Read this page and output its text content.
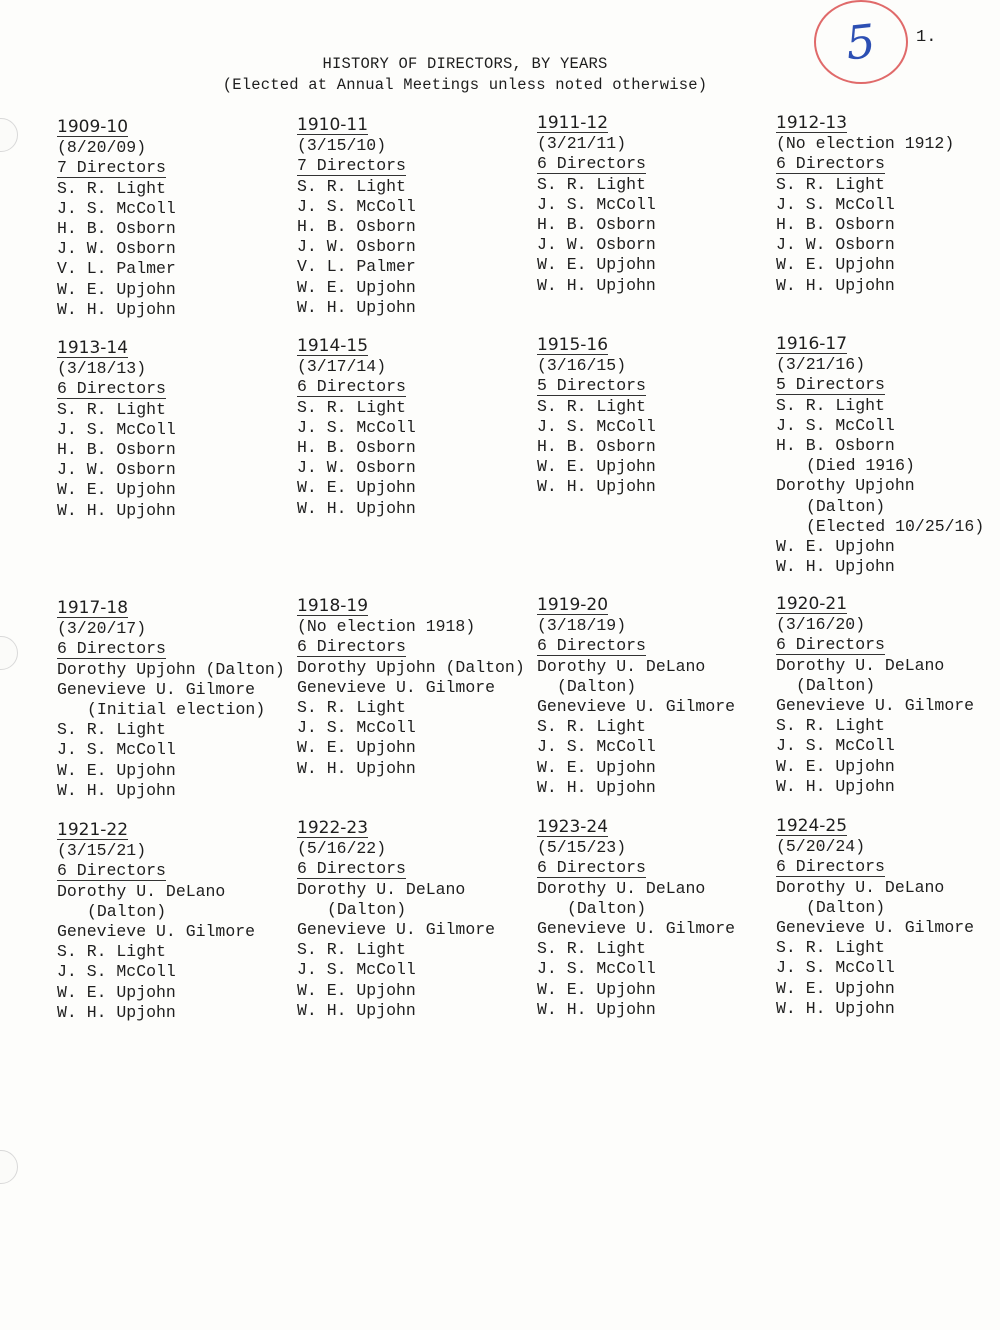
5 1.
HISTORY OF DIRECTORS, BY YEARS
(Elected at Annual Meetings unless noted otherwise)
1909-10
(8/20/09)
7 Directors
S. R. Light
J. S. McColl
H. B. Osborn
J. W. Osborn
V. L. Palmer
W. E. Upjohn
W. H. Upjohn
1910-11
(3/15/10)
7 Directors
S. R. Light
J. S. McColl
H. B. Osborn
J. W. Osborn
V. L. Palmer
W. E. Upjohn
W. H. Upjohn
1911-12
(3/21/11)
6 Directors
S. R. Light
J. S. McColl
H. B. Osborn
J. W. Osborn
W. E. Upjohn
W. H. Upjohn
1912-13
(No election 1912)
6 Directors
S. R. Light
J. S. McColl
H. B. Osborn
J. W. Osborn
W. E. Upjohn
W. H. Upjohn
1913-14
(3/18/13)
6 Directors
S. R. Light
J. S. McColl
H. B. Osborn
J. W. Osborn
W. E. Upjohn
W. H. Upjohn
1914-15
(3/17/14)
6 Directors
S. R. Light
J. S. McColl
H. B. Osborn
J. W. Osborn
W. E. Upjohn
W. H. Upjohn
1915-16
(3/16/15)
5 Directors
S. R. Light
J. S. McColl
H. B. Osborn
W. E. Upjohn
W. H. Upjohn
1916-17
(3/21/16)
5 Directors
S. R. Light
J. S. McColl
H. B. Osborn
(Died 1916)
Dorothy Upjohn
(Dalton)
(Elected 10/25/16)
W. E. Upjohn
W. H. Upjohn
1917-18
(3/20/17)
6 Directors
Dorothy Upjohn (Dalton)
Genevieve U. Gilmore
(Initial election)
S. R. Light
J. S. McColl
W. E. Upjohn
W. H. Upjohn
1918-19
(No election 1918)
6 Directors
Dorothy Upjohn (Dalton)
Genevieve U. Gilmore
S. R. Light
J. S. McColl
W. E. Upjohn
W. H. Upjohn
1919-20
(3/18/19)
6 Directors
Dorothy U. DeLano
(Dalton)
Genevieve U. Gilmore
S. R. Light
J. S. McColl
W. E. Upjohn
W. H. Upjohn
1920-21
(3/16/20)
6 Directors
Dorothy U. DeLano
(Dalton)
Genevieve U. Gilmore
S. R. Light
J. S. McColl
W. E. Upjohn
W. H. Upjohn
1921-22
(3/15/21)
6 Directors
Dorothy U. DeLano
(Dalton)
Genevieve U. Gilmore
S. R. Light
J. S. McColl
W. E. Upjohn
W. H. Upjohn
1922-23
(5/16/22)
6 Directors
Dorothy U. DeLano
(Dalton)
Genevieve U. Gilmore
S. R. Light
J. S. McColl
W. E. Upjohn
W. H. Upjohn
1923-24
(5/15/23)
6 Directors
Dorothy U. DeLano
(Dalton)
Genevieve U. Gilmore
S. R. Light
J. S. McColl
W. E. Upjohn
W. H. Upjohn
1924-25
(5/20/24)
6 Directors
Dorothy U. DeLano
(Dalton)
Genevieve U. Gilmore
S. R. Light
J. S. McColl
W. E. Upjohn
W. H. Upjohn
